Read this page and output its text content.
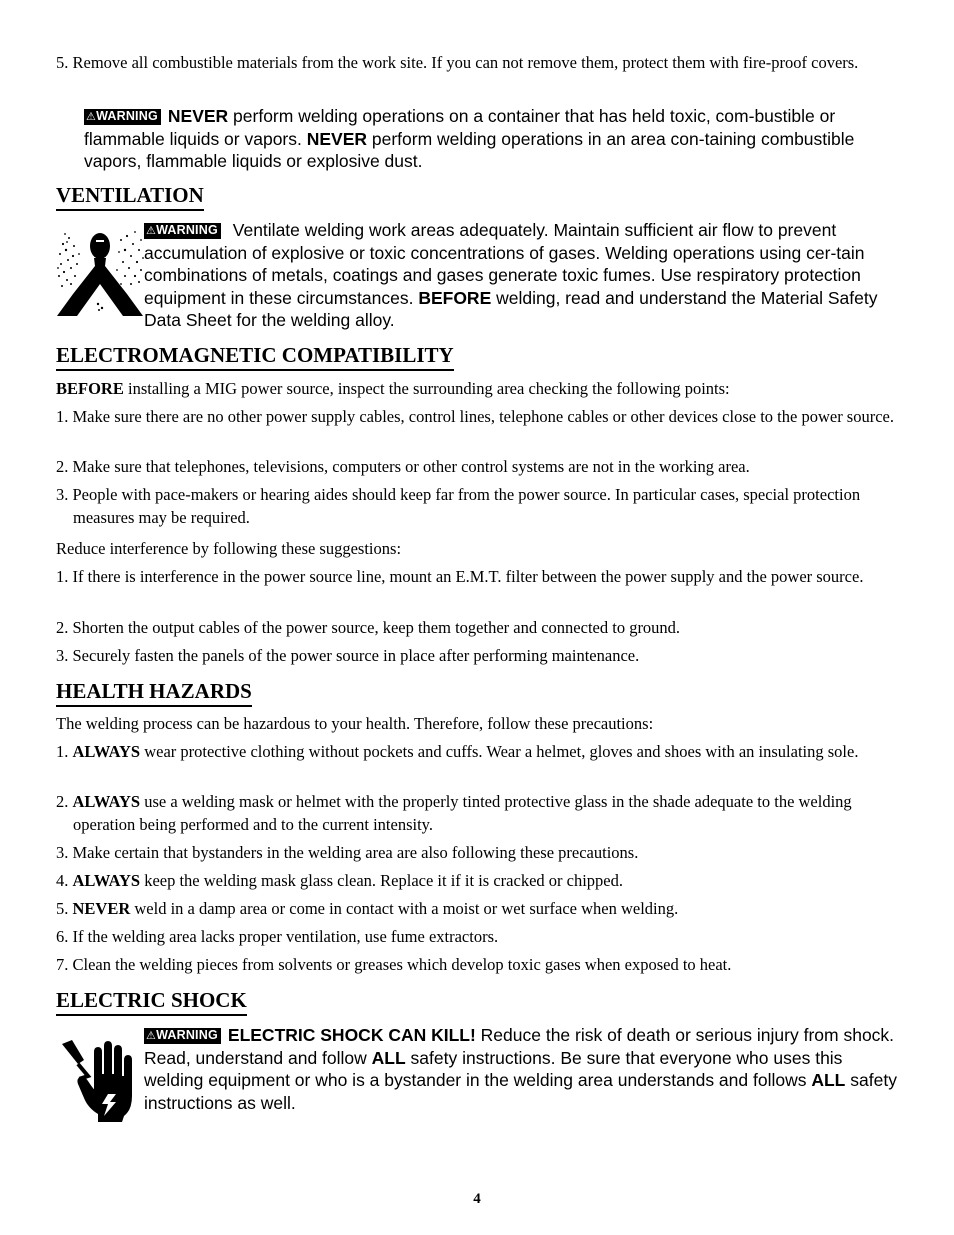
5. Remove all combustible materials from the work site. If you can not remove them, protect them with fire-proof covers.
⚠WARNING NEVER perform welding operations on a container that has held toxic, com-bustible or flammable liquids or vapors. NEVER perform welding operations in an area con-taining combustible vapors, flammable liquids or explosive dust.
VENTILATION
⚠WARNING Ventilate welding work areas adequately. Maintain sufficient air flow to prevent accumulation of explosive or toxic concentrations of gases. Welding operations using cer-tain combinations of metals, coatings and gases generate toxic fumes. Use respiratory protection equipment in these circumstances. BEFORE welding, read and understand the Material Safety Data Sheet for the welding alloy.
ELECTROMAGNETIC COMPATIBILITY
BEFORE installing a MIG power source, inspect the surrounding area checking the following points:
1. Make sure there are no other power supply cables, control lines, telephone cables or other devices close to the power source.
2. Make sure that telephones, televisions, computers or other control systems are not in the working area.
3. People with pace-makers or hearing aides should keep far from the power source. In particular cases, special protection measures may be required.
Reduce interference by following these suggestions:
1. If there is interference in the power source line, mount an E.M.T. filter between the power supply and the power source.
2. Shorten the output cables of the power source, keep them together and connected to ground.
3. Securely fasten the panels of the power source in place after performing maintenance.
HEALTH HAZARDS
The welding process can be hazardous to your health. Therefore, follow these precautions:
1. ALWAYS wear protective clothing without pockets and cuffs. Wear a helmet, gloves and shoes with an insulating sole.
2. ALWAYS use a welding mask or helmet with the properly tinted protective glass in the shade adequate to the welding operation being performed and to the current intensity.
3. Make certain that bystanders in the welding area are also following these precautions.
4. ALWAYS keep the welding mask glass clean. Replace it if it is cracked or chipped.
5. NEVER weld in a damp area or come in contact with a moist or wet surface when welding.
6. If the welding area lacks proper ventilation, use fume extractors.
7. Clean the welding pieces from solvents or greases which develop toxic gases when exposed to heat.
ELECTRIC SHOCK
⚠WARNING ELECTRIC SHOCK CAN KILL! Reduce the risk of death or serious injury from shock. Read, understand and follow ALL safety instructions. Be sure that everyone who uses this welding equipment or who is a bystander in the welding area understands and follows ALL safety instructions as well.
4
